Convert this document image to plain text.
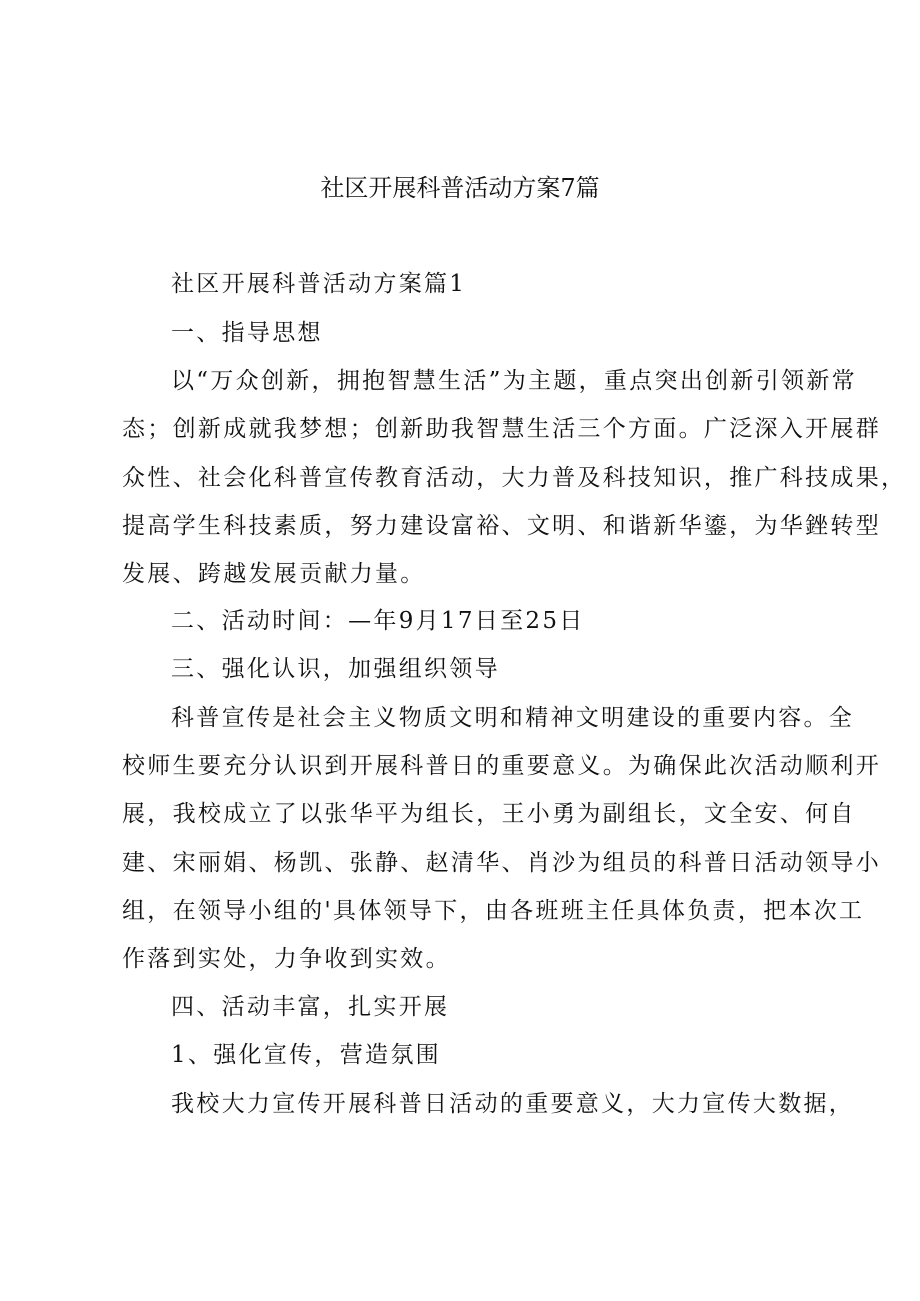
社区开展科普活动方案7篇
社区开展科普活动方案篇1
一、指导思想
以“万众创新，拥抱智慧生活”为主题，重点突出创新引领新常
态；创新成就我梦想；创新助我智慧生活三个方面。广泛深入开展群
众性、社会化科普宣传教育活动，大力普及科技知识，推广科技成果，
提高学生科技素质，努力建设富裕、文明、和谐新华鎏，为华銼转型
发展、跨越发展贡献力量。
二、活动时间：—年9月17日至25日
三、强化认识，加强组织领导
科普宣传是社会主义物质文明和精神文明建设的重要内容。全
校师生要充分认识到开展科普日的重要意义。为确保此次活动顺利开
展，我校成立了以张华平为组长，王小勇为副组长，文全安、何自
建、宋丽娟、杨凯、张静、赵清华、肖沙为组员的科普日活动领导小
组，在领导小组的'具体领导下，由各班班主任具体负责，把本次工
作落到实处，力争收到实效。
四、活动丰富，扎实开展
1、强化宣传，营造氛围
我校大力宣传开展科普日活动的重要意义，大力宣传大数据，
